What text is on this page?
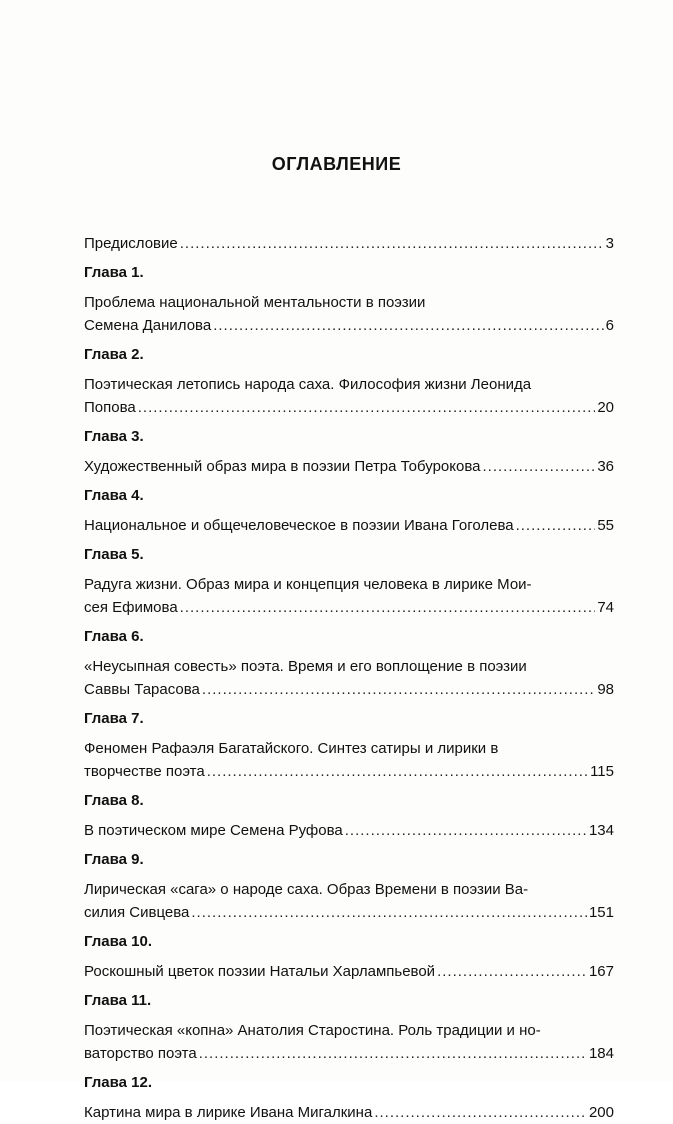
ОГЛАВЛЕНИЕ
Предисловие .....	3
Глава 1.
Проблема национальной ментальности в поэзии
Семена Данилова .....	6
Глава 2.
Поэтическая летопись народа саха. Философия жизни Леонида
Попова .....	20
Глава 3.
Художественный образ мира в поэзии Петра Тобурокова .....	36
Глава 4.
Национальное и общечеловеческое в поэзии Ивана Гоголева .....	55
Глава 5.
Радуга жизни. Образ мира и концепция человека в лирике Мои-
сея Ефимова .....	74
Глава 6.
«Неусыпная совесть» поэта. Время и его воплощение в поэзии
Саввы Тарасова .....	98
Глава 7.
Феномен Рафаэля Багатайского. Синтез сатиры и лирики в
творчестве поэта .....	115
Глава 8.
В поэтическом мире Семена Руфова .....	134
Глава 9.
Лирическая «сага» о народе саха. Образ Времени в поэзии Ва-
силия Сивцева .....	151
Глава 10.
Роскошный цветок поэзии Натальи Харлампьевой .....	167
Глава 11.
Поэтическая «копна» Анатолия Старостина. Роль традиции и но-
ваторство поэта .....	184
Глава 12.
Картина мира в лирике Ивана Мигалкина .....	200
